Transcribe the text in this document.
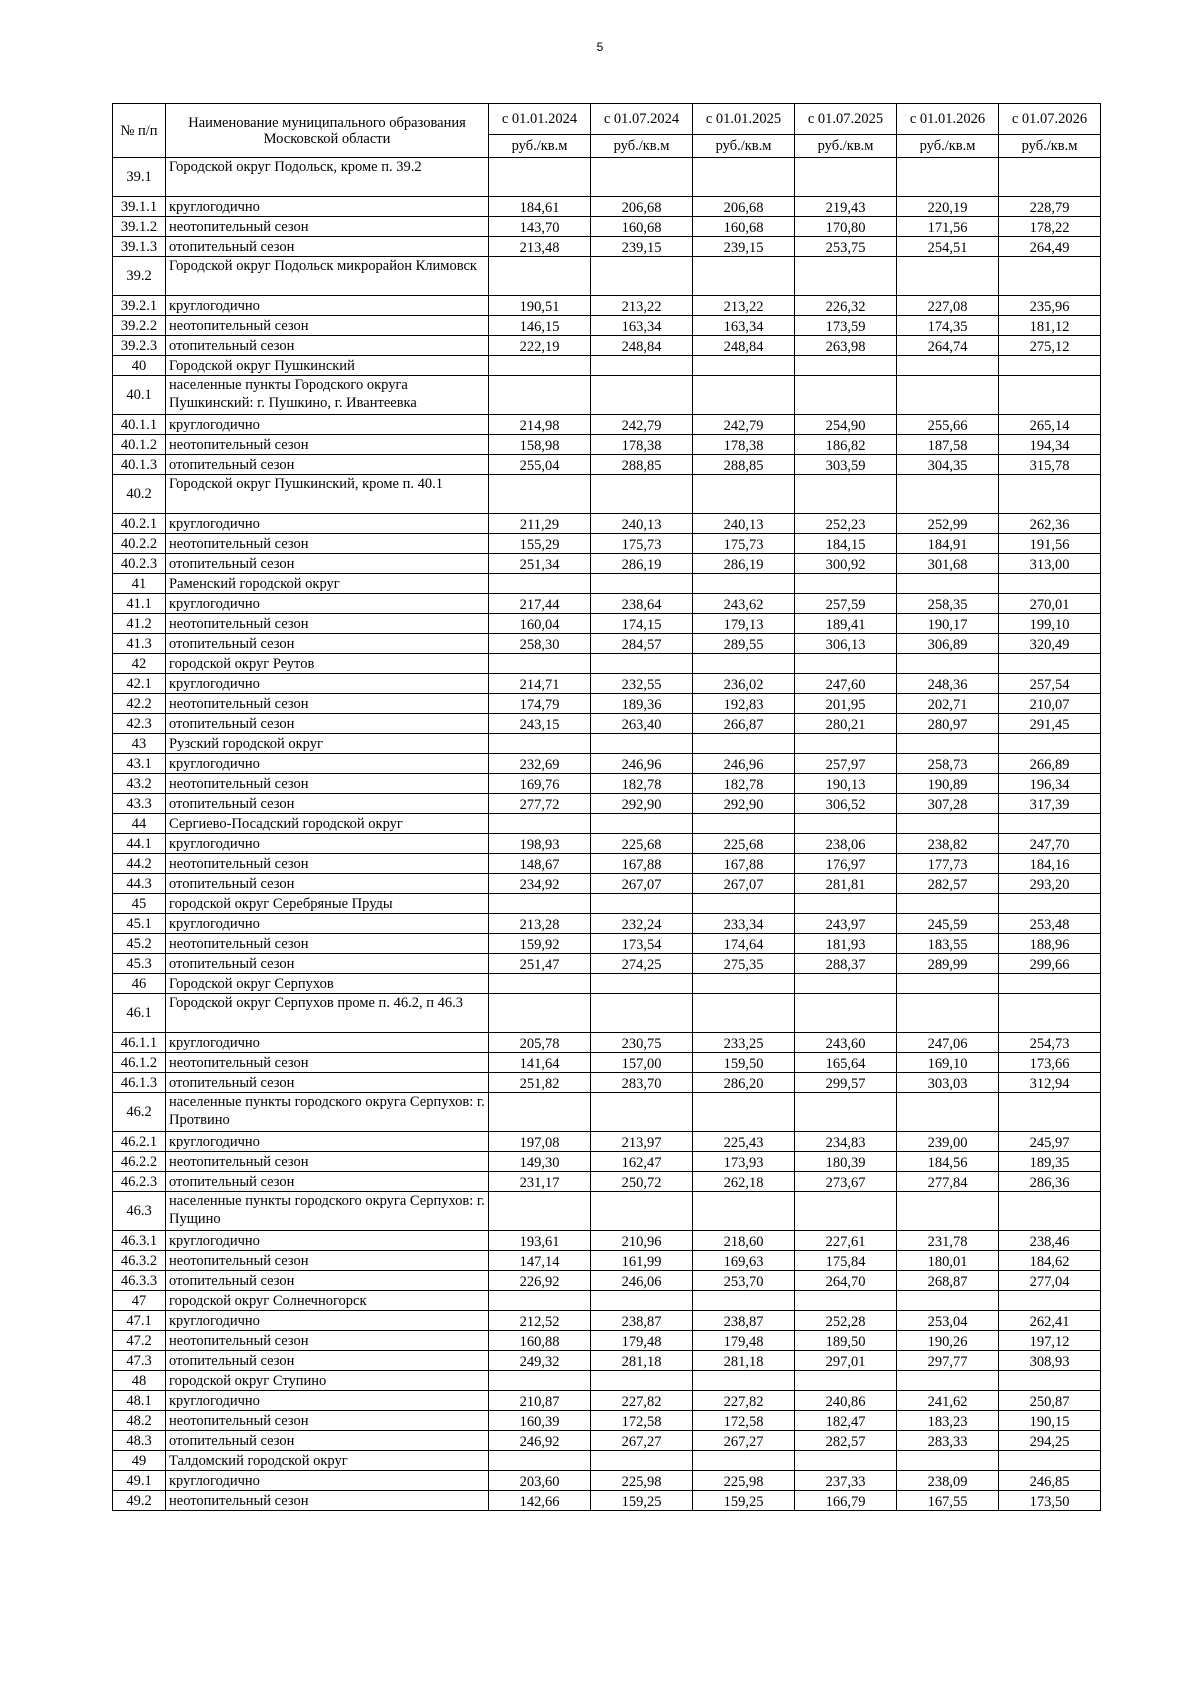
5
№ п/п	Наименование муниципального образования Московской области	с 01.01.2024	с 01.07.2024	с 01.01.2025	с 01.07.2025	с 01.01.2026	с 01.07.2026
		руб./кв.м	руб./кв.м	руб./кв.м	руб./кв.м	руб./кв.м	руб./кв.м
39.1	Городской округ Подольск, кроме п. 39.2						
39.1.1	круглогодично	184,61	206,68	206,68	219,43	220,19	228,79
39.1.2	неотопительный сезон	143,70	160,68	160,68	170,80	171,56	178,22
39.1.3	отопительный сезон	213,48	239,15	239,15	253,75	254,51	264,49
39.2	Городской округ Подольск микрорайон Климовск						
39.2.1	круглогодично	190,51	213,22	213,22	226,32	227,08	235,96
39.2.2	неотопительный сезон	146,15	163,34	163,34	173,59	174,35	181,12
39.2.3	отопительный сезон	222,19	248,84	248,84	263,98	264,74	275,12
40	Городской округ Пушкинский						
40.1	населенные пункты Городского округа Пушкинский: г. Пушкино, г. Ивантеевка						
40.1.1	круглогодично	214,98	242,79	242,79	254,90	255,66	265,14
40.1.2	неотопительный сезон	158,98	178,38	178,38	186,82	187,58	194,34
40.1.3	отопительный сезон	255,04	288,85	288,85	303,59	304,35	315,78
40.2	Городской округ Пушкинский, кроме п. 40.1						
40.2.1	круглогодично	211,29	240,13	240,13	252,23	252,99	262,36
40.2.2	неотопительный сезон	155,29	175,73	175,73	184,15	184,91	191,56
40.2.3	отопительный сезон	251,34	286,19	286,19	300,92	301,68	313,00
41	Раменский городской округ						
41.1	круглогодично	217,44	238,64	243,62	257,59	258,35	270,01
41.2	неотопительный сезон	160,04	174,15	179,13	189,41	190,17	199,10
41.3	отопительный сезон	258,30	284,57	289,55	306,13	306,89	320,49
42	городской округ Реутов						
42.1	круглогодично	214,71	232,55	236,02	247,60	248,36	257,54
42.2	неотопительный сезон	174,79	189,36	192,83	201,95	202,71	210,07
42.3	отопительный сезон	243,15	263,40	266,87	280,21	280,97	291,45
43	Рузский городской округ						
43.1	круглогодично	232,69	246,96	246,96	257,97	258,73	266,89
43.2	неотопительный сезон	169,76	182,78	182,78	190,13	190,89	196,34
43.3	отопительный сезон	277,72	292,90	292,90	306,52	307,28	317,39
44	Сергиево-Посадский городской округ						
44.1	круглогодично	198,93	225,68	225,68	238,06	238,82	247,70
44.2	неотопительный сезон	148,67	167,88	167,88	176,97	177,73	184,16
44.3	отопительный сезон	234,92	267,07	267,07	281,81	282,57	293,20
45	городской округ Серебряные Пруды						
45.1	круглогодично	213,28	232,24	233,34	243,97	245,59	253,48
45.2	неотопительный сезон	159,92	173,54	174,64	181,93	183,55	188,96
45.3	отопительный сезон	251,47	274,25	275,35	288,37	289,99	299,66
46	Городской округ Серпухов						
46.1	Городской округ Серпухов проме п. 46.2, п 46.3						
46.1.1	круглогодично	205,78	230,75	233,25	243,60	247,06	254,73
46.1.2	неотопительный сезон	141,64	157,00	159,50	165,64	169,10	173,66
46.1.3	отопительный сезон	251,82	283,70	286,20	299,57	303,03	312,94
46.2	населенные пункты городского округа Серпухов: г. Протвино						
46.2.1	круглогодично	197,08	213,97	225,43	234,83	239,00	245,97
46.2.2	неотопительный сезон	149,30	162,47	173,93	180,39	184,56	189,35
46.2.3	отопительный сезон	231,17	250,72	262,18	273,67	277,84	286,36
46.3	населенные пункты городского округа Серпухов: г. Пущино						
46.3.1	круглогодично	193,61	210,96	218,60	227,61	231,78	238,46
46.3.2	неотопительный сезон	147,14	161,99	169,63	175,84	180,01	184,62
46.3.3	отопительный сезон	226,92	246,06	253,70	264,70	268,87	277,04
47	городской округ Солнечногорск						
47.1	круглогодично	212,52	238,87	238,87	252,28	253,04	262,41
47.2	неотопительный сезон	160,88	179,48	179,48	189,50	190,26	197,12
47.3	отопительный сезон	249,32	281,18	281,18	297,01	297,77	308,93
48	городской округ Ступино						
48.1	круглогодично	210,87	227,82	227,82	240,86	241,62	250,87
48.2	неотопительный сезон	160,39	172,58	172,58	182,47	183,23	190,15
48.3	отопительный сезон	246,92	267,27	267,27	282,57	283,33	294,25
49	Талдомский городской округ						
49.1	круглогодично	203,60	225,98	225,98	237,33	238,09	246,85
49.2	неотопительный сезон	142,66	159,25	159,25	166,79	167,55	173,50
